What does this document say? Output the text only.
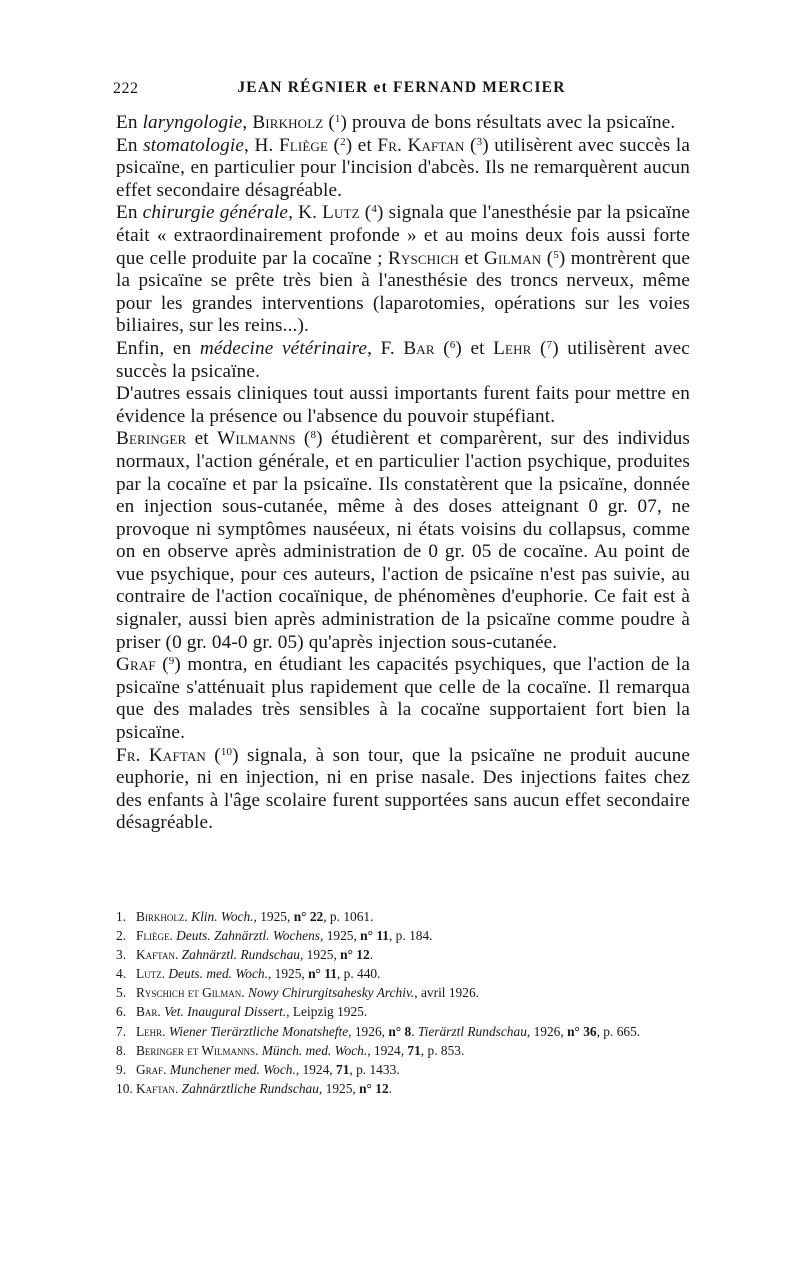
222	JEAN RÉGNIER et FERNAND MERCIER

En laryngologie, Birkholz ($^1$) prouva de bons résultats avec la psicaïne.

En stomatologie, H. Fliège ($^2$) et Fr. Kaftan ($^3$) utilisèrent avec succès la psicaïne, en particulier pour l'incision d'abcès. Ils ne remarquèrent aucun effet secondaire désagréable.

En chirurgie générale, K. Lutz ($^4$) signala que l'anesthésie par la psicaïne était « extraordinairement profonde » et au moins deux fois aussi forte que celle produite par la cocaïne ; Ryschich et Gilman ($^5$) montrèrent que la psicaïne se prête très bien à l'anesthésie des troncs nerveux, même pour les grandes interventions (laparotomies, opérations sur les voies biliaires, sur les reins...).

Enfin, en médecine vétérinaire, F. Bar ($^6$) et Lehr ($^7$) utilisèrent avec succès la psicaïne.

D'autres essais cliniques tout aussi importants furent faits pour mettre en évidence la présence ou l'absence du pouvoir stupéfiant.

Beringer et Wilmanns ($^8$) étudièrent et comparèrent, sur des individus normaux, l'action générale, et en particulier l'action psychique, produites par la cocaïne et par la psicaïne. Ils constatèrent que la psicaïne, donnée en injection sous-cutanée, même à des doses atteignant 0 gr. 07, ne provoque ni symptômes nauséeux, ni états voisins du collapsus, comme on en observe après administration de 0 gr. 05 de cocaïne. Au point de vue psychique, pour ces auteurs, l'action de psicaïne n'est pas suivie, au contraire de l'action cocaïnique, de phénomènes d'euphorie. Ce fait est à signaler, aussi bien après administration de la psicaïne comme poudre à priser (0 gr. 04-0 gr. 05) qu'après injection sous-cutanée.

Graf ($^9$) montra, en étudiant les capacités psychiques, que l'action de la psicaïne s'atténuait plus rapidement que celle de la cocaïne. Il remarqua que des malades très sensibles à la cocaïne supportaient fort bien la psicaïne.

Fr. Kaftan ($^{10}$) signala, à son tour, que la psicaïne ne produit aucune euphorie, ni en injection, ni en prise nasale. Des injections faites chez des enfants à l'âge scolaire furent supportées sans aucun effet secondaire désagréable.

1. Birkholz. Klin. Woch., 1925, n° 22, p. 1061.

2. Fliège. Deuts. Zahnärztl. Wochens, 1925, n° 11, p. 184.

3. Kaftan. Zahnärztl. Rundschau, 1925, n° 12.

4. Lutz. Deuts. med. Woch., 1925, n° 11, p. 440.

5. Ryschich et Gilman. Nowy Chirurgitsahesky Archiv., avril 1926.

6. Bar. Vet. Inaugural Dissert., Leipzig 1925.

7. Lehr. Wiener Tierärztliche Monatshefte, 1926, n° 8. Tierärztl Rundschau, 1926, n° 36, p. 665.

8. Beringer et Wilmanns. Münch. med. Woch., 1924, 71, p. 853.

9. Graf. Munchener med. Woch., 1924, 71, p. 1433.

10. Kaftan. Zahnärztliche Rundschau, 1925, n° 12.
